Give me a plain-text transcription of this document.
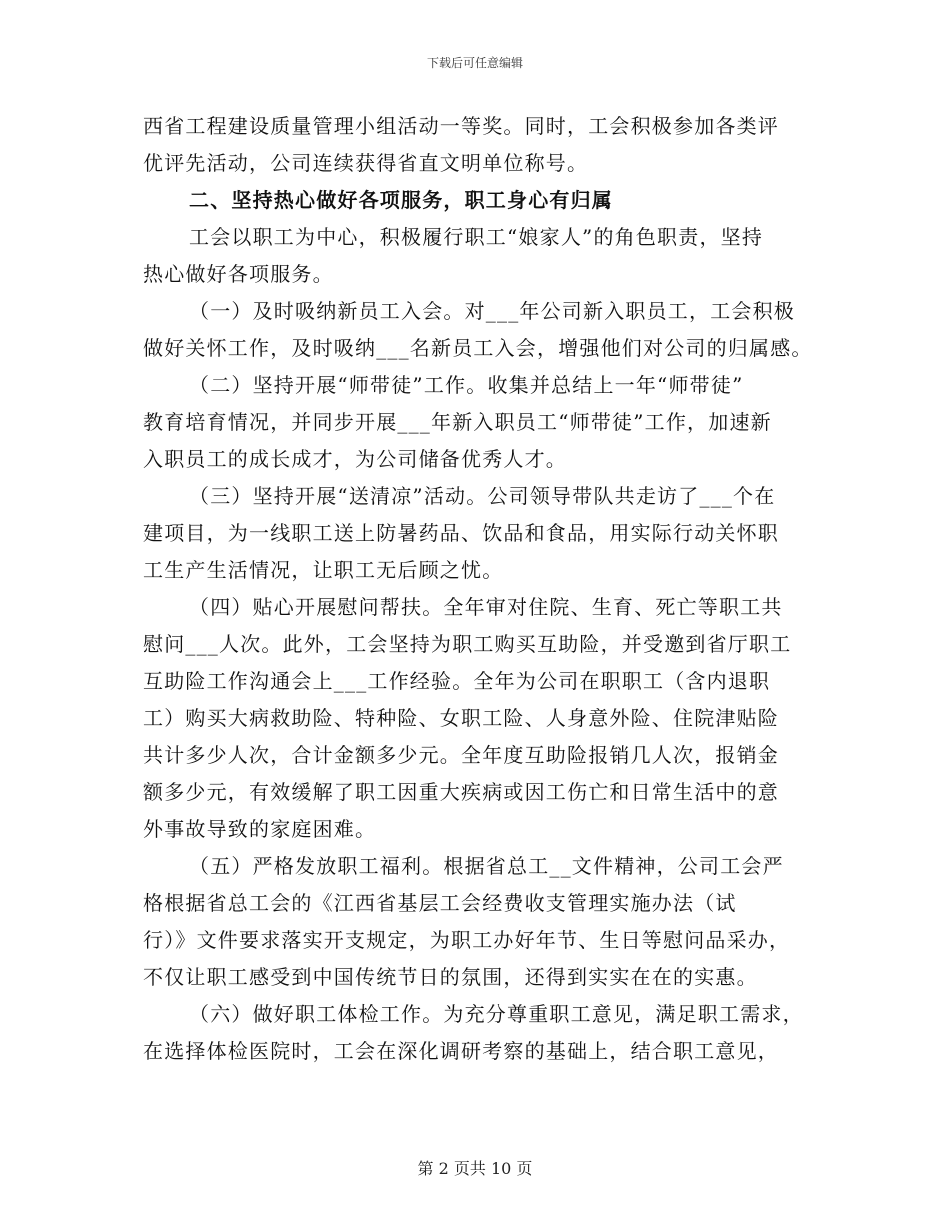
下载后可任意编辑
西省工程建设质量管理小组活动一等奖。同时，工会积极参加各类评
优评先活动，公司连续获得省直文明单位称号。
二、坚持热心做好各项服务，职工身心有归属
工会以职工为中心，积极履行职工“娘家人”的角色职责，坚持
热心做好各项服务。
（一）及时吸纳新员工入会。对___年公司新入职员工，工会积极
做好关怀工作，及时吸纳___名新员工入会，增强他们对公司的归属感。
（二）坚持开展“师带徒”工作。收集并总结上一年“师带徒”
教育培育情况，并同步开展___年新入职员工“师带徒”工作，加速新
入职员工的成长成才，为公司储备优秀人才。
（三）坚持开展“送清凉”活动。公司领导带队共走访了___个在
建项目，为一线职工送上防暑药品、饮品和食品，用实际行动关怀职
工生产生活情况，让职工无后顾之忧。
（四）贴心开展慰问帮扶。全年审对住院、生育、死亡等职工共
慰问___人次。此外，工会坚持为职工购买互助险，并受邀到省厅职工
互助险工作沟通会上___工作经验。全年为公司在职职工（含内退职
工）购买大病救助险、特种险、女职工险、人身意外险、住院津贴险
共计多少人次，合计金额多少元。全年度互助险报销几人次，报销金
额多少元，有效缓解了职工因重大疾病或因工伤亡和日常生活中的意
外事故导致的家庭困难。
（五）严格发放职工福利。根据省总工__文件精神，公司工会严
格根据省总工会的《江西省基层工会经费收支管理实施办法（试
行）》文件要求落实开支规定，为职工办好年节、生日等慰问品采办，
不仅让职工感受到中国传统节日的氛围，还得到实实在在的实惠。
（六）做好职工体检工作。为充分尊重职工意见，满足职工需求，
在选择体检医院时，工会在深化调研考察的基础上，结合职工意见，
第 2 页共 10 页
